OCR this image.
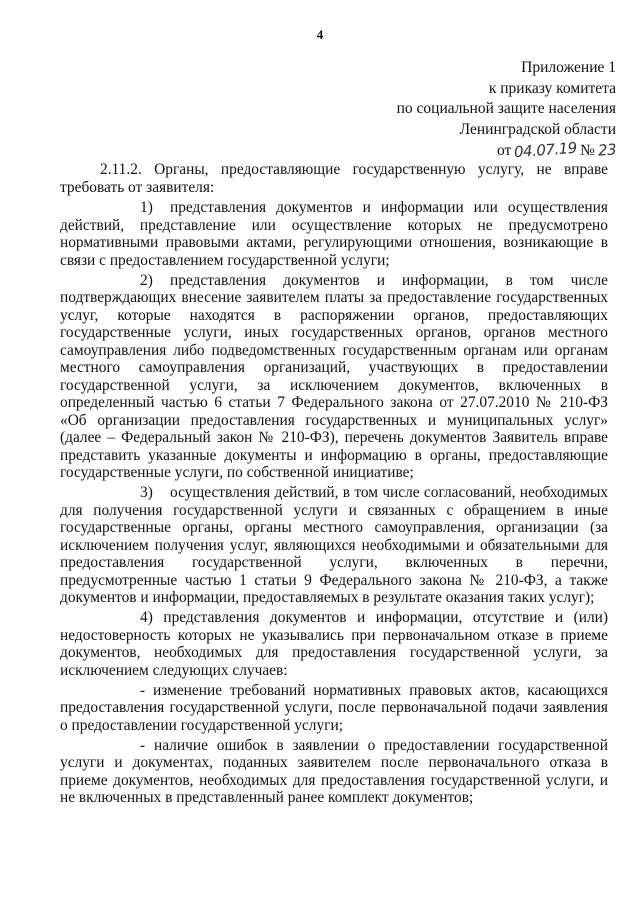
4
Приложение 1
к приказу комитета
по социальной защите населения
Ленинградской области
от 04.07.19 № 23

2.11.2. Органы, предоставляющие государственную услугу, не вправе требовать от заявителя:

1) представления документов и информации или осуществления действий, представление или осуществление которых не предусмотрено нормативными правовыми актами, регулирующими отношения, возникающие в связи с предоставлением государственной услуги;

2) представления документов и информации, в том числе подтверждающих внесение заявителем платы за предоставление государственных услуг, которые находятся в распоряжении органов, предоставляющих государственные услуги, иных государственных органов, органов местного самоуправления либо подведомственных государственным органам или органам местного самоуправления организаций, участвующих в предоставлении государственной услуги, за исключением документов, включенных в определенный частью 6 статьи 7 Федерального закона от 27.07.2010 № 210-ФЗ «Об организации предоставления государственных и муниципальных услуг» (далее – Федеральный закон № 210-ФЗ), перечень документов Заявитель вправе представить указанные документы и информацию в органы, предоставляющие государственные услуги, по собственной инициативе;

3) осуществления действий, в том числе согласований, необходимых для получения государственной услуги и связанных с обращением в иные государственные органы, органы местного самоуправления, организации (за исключением получения услуг, являющихся необходимыми и обязательными для предоставления государственной услуги, включенных в перечни, предусмотренные частью 1 статьи 9 Федерального закона № 210-ФЗ, а также документов и информации, предоставляемых в результате оказания таких услуг);

4) представления документов и информации, отсутствие и (или) недостоверность которых не указывались при первоначальном отказе в приеме документов, необходимых для предоставления государственной услуги, за исключением следующих случаев:

- изменение требований нормативных правовых актов, касающихся предоставления государственной услуги, после первоначальной подачи заявления о предоставлении государственной услуги;

- наличие ошибок в заявлении о предоставлении государственной услуги и документах, поданных заявителем после первоначального отказа в приеме документов, необходимых для предоставления государственной услуги, и не включенных в представленный ранее комплект документов;
